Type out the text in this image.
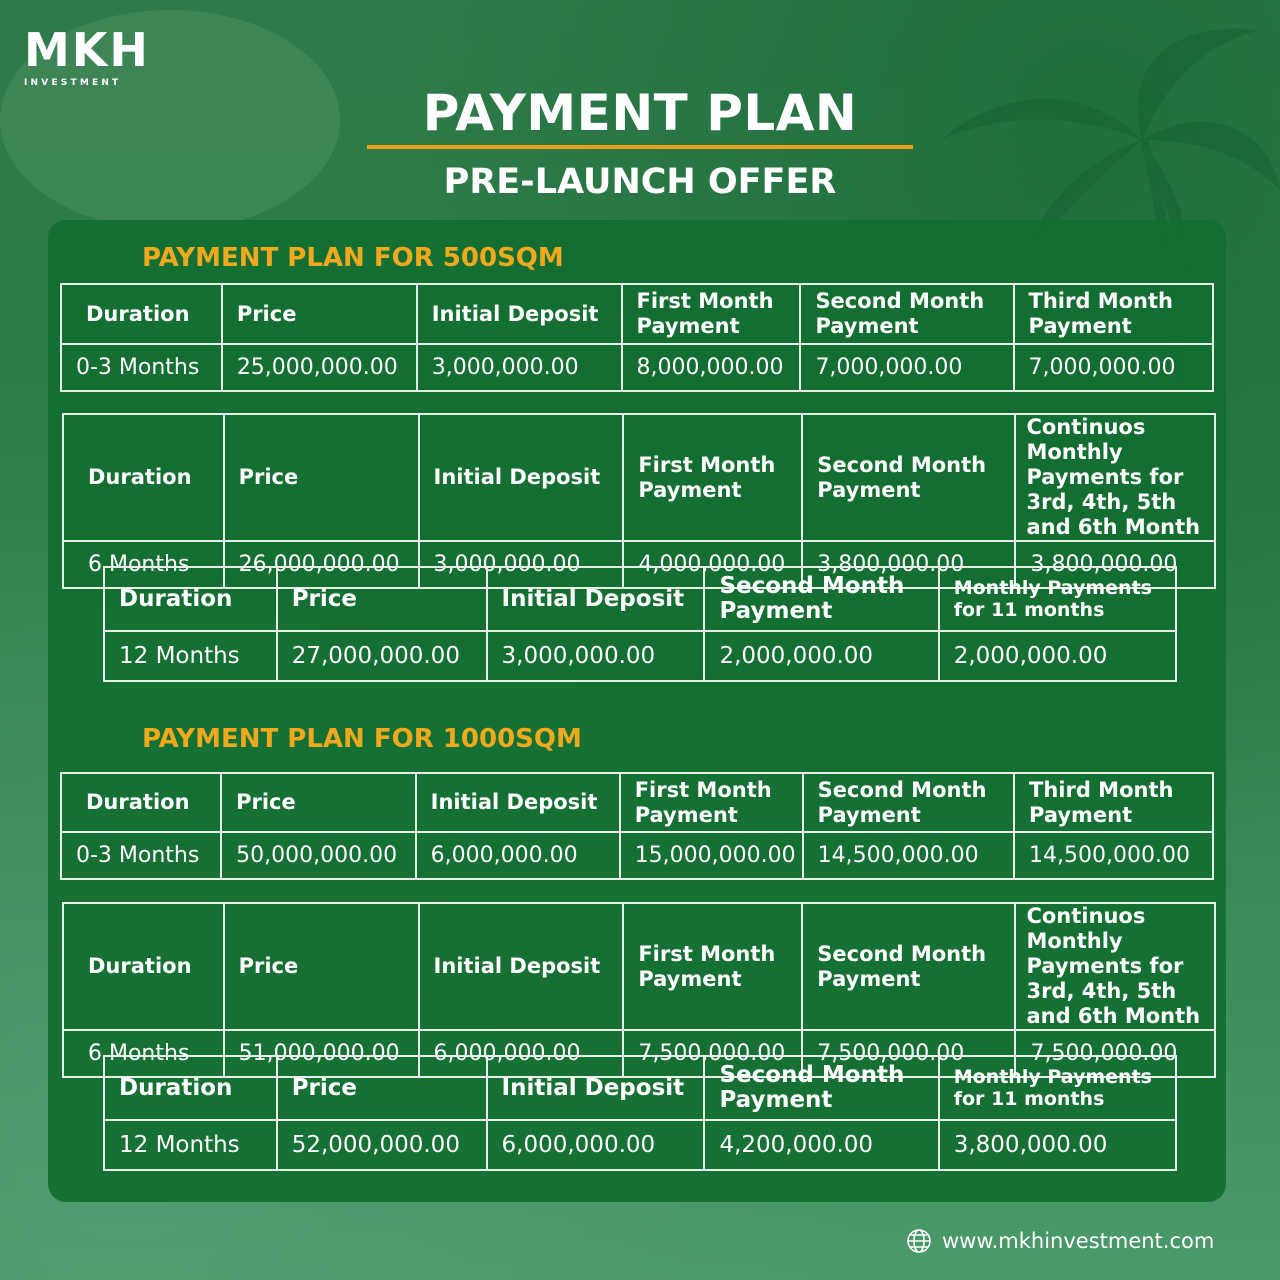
MKH
INVESTMENT
PAYMENT PLAN
PRE-LAUNCH OFFER
PAYMENT PLAN FOR 500SQM
Duration	Price	Initial Deposit	First Month Payment	Second Month Payment	Third Month Payment
0-3 Months	25,000,000.00	3,000,000.00	8,000,000.00	7,000,000.00	7,000,000.00
Duration	Price	Initial Deposit	First Month Payment	Second Month Payment	Continuos Monthly Payments for 3rd, 4th, 5th and 6th Month
6 Months	26,000,000.00	3,000,000.00	4,000,000.00	3,800,000.00	3,800,000.00
Duration	Price	Initial Deposit	Second Month Payment	Monthly Payments for 11 months
12 Months	27,000,000.00	3,000,000.00	2,000,000.00	2,000,000.00
PAYMENT PLAN FOR 1000SQM
Duration	Price	Initial Deposit	First Month Payment	Second Month Payment	Third Month Payment
0-3 Months	50,000,000.00	6,000,000.00	15,000,000.00	14,500,000.00	14,500,000.00
Duration	Price	Initial Deposit	First Month Payment	Second Month Payment	Continuos Monthly Payments for 3rd, 4th, 5th and 6th Month
6 Months	51,000,000.00	6,000,000.00	7,500,000.00	7,500,000.00	7,500,000.00
Duration	Price	Initial Deposit	Second Month Payment	Monthly Payments for 11 months
12 Months	52,000,000.00	6,000,000.00	4,200,000.00	3,800,000.00
www.mkhinvestment.com
